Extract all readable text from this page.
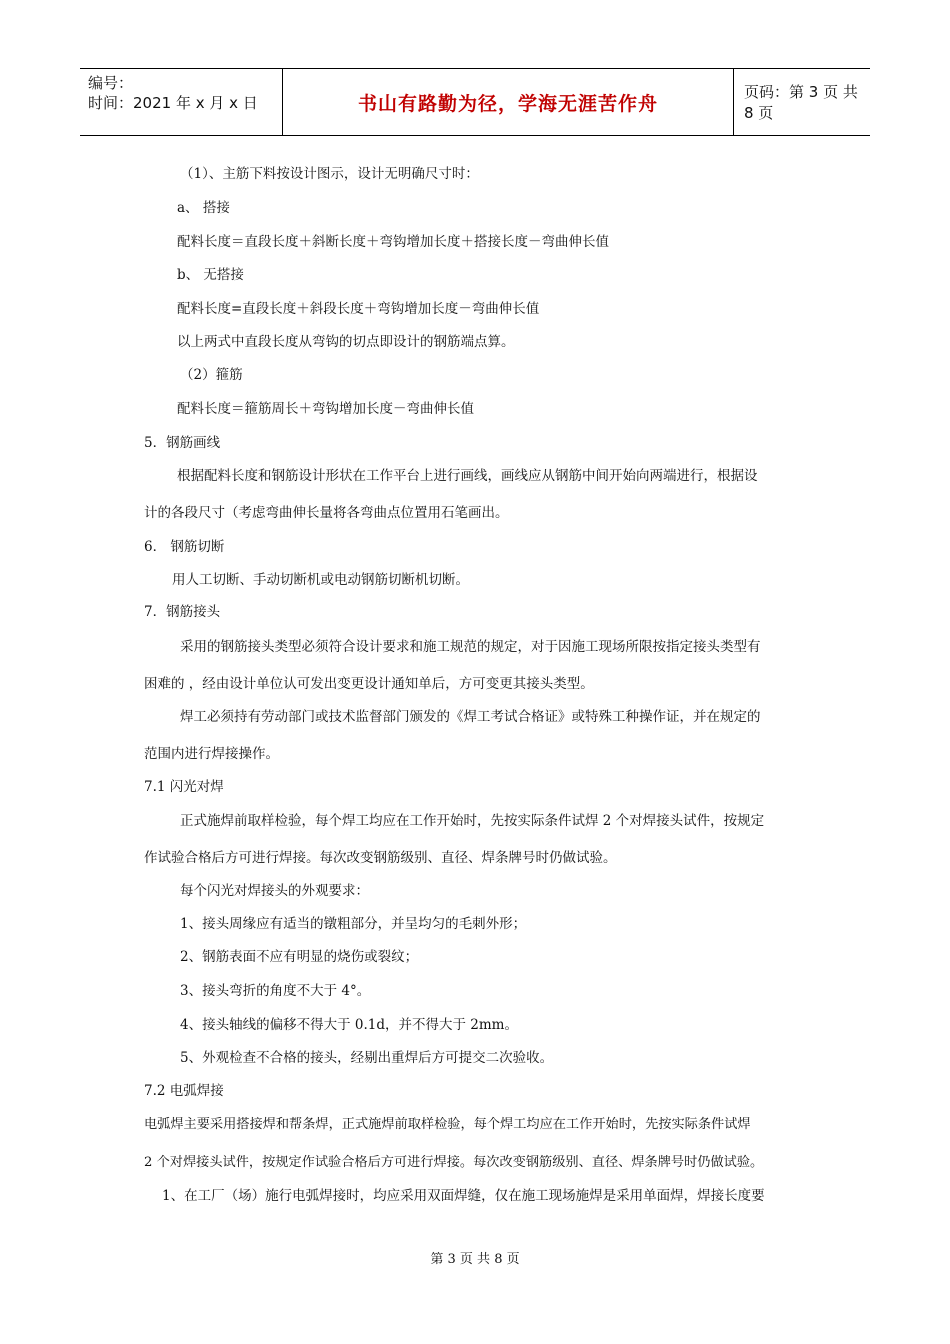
编号：
时间：2021 年 x 月 x 日	书山有路勤为径，学海无涯苦作舟
页码：第 3 页 共 8 页
（1）、主筋下料按设计图示，设计无明确尺寸时：
a、 搭接
配料长度＝直段长度＋斜断长度＋弯钩增加长度＋搭接长度－弯曲伸长值
b、 无搭接
配料长度=直段长度＋斜段长度＋弯钩增加长度－弯曲伸长值
以上两式中直段长度从弯钩的切点即设计的钢筋端点算。
（2）箍筋
配料长度＝箍筋周长＋弯钩增加长度－弯曲伸长值
5．钢筋画线
根据配料长度和钢筋设计形状在工作平台上进行画线，画线应从钢筋中间开始向两端进行，根据设
计的各段尺寸（考虑弯曲伸长量将各弯曲点位置用石笔画出。
6． 钢筋切断
用人工切断、手动切断机或电动钢筋切断机切断。
7．钢筋接头
采用的钢筋接头类型必须符合设计要求和施工规范的规定，对于因施工现场所限按指定接头类型有
困难的 ，经由设计单位认可发出变更设计通知单后，方可变更其接头类型。
焊工必须持有劳动部门或技术监督部门颁发的《焊工考试合格证》或特殊工种操作证，并在规定的
范围内进行焊接操作。
7.1 闪光对焊
正式施焊前取样检验，每个焊工均应在工作开始时，先按实际条件试焊 2 个对焊接头试件，按规定
作试验合格后方可进行焊接。每次改变钢筋级别、直径、焊条牌号时仍做试验。
每个闪光对焊接头的外观要求：
1、接头周缘应有适当的镦粗部分，并呈均匀的毛刺外形；
2、钢筋表面不应有明显的烧伤或裂纹；
3、接头弯折的角度不大于 4°。
4、接头轴线的偏移不得大于 0.1d，并不得大于 2mm。
5、外观检查不合格的接头，经剔出重焊后方可提交二次验收。
7.2 电弧焊接
电弧焊主要采用搭接焊和帮条焊，正式施焊前取样检验，每个焊工均应在工作开始时，先按实际条件试焊
2 个对焊接头试件，按规定作试验合格后方可进行焊接。每次改变钢筋级别、直径、焊条牌号时仍做试验。
1、在工厂（场）施行电弧焊接时，均应采用双面焊缝，仅在施工现场施焊是采用单面焊，焊接长度要
第 3 页 共 8 页
